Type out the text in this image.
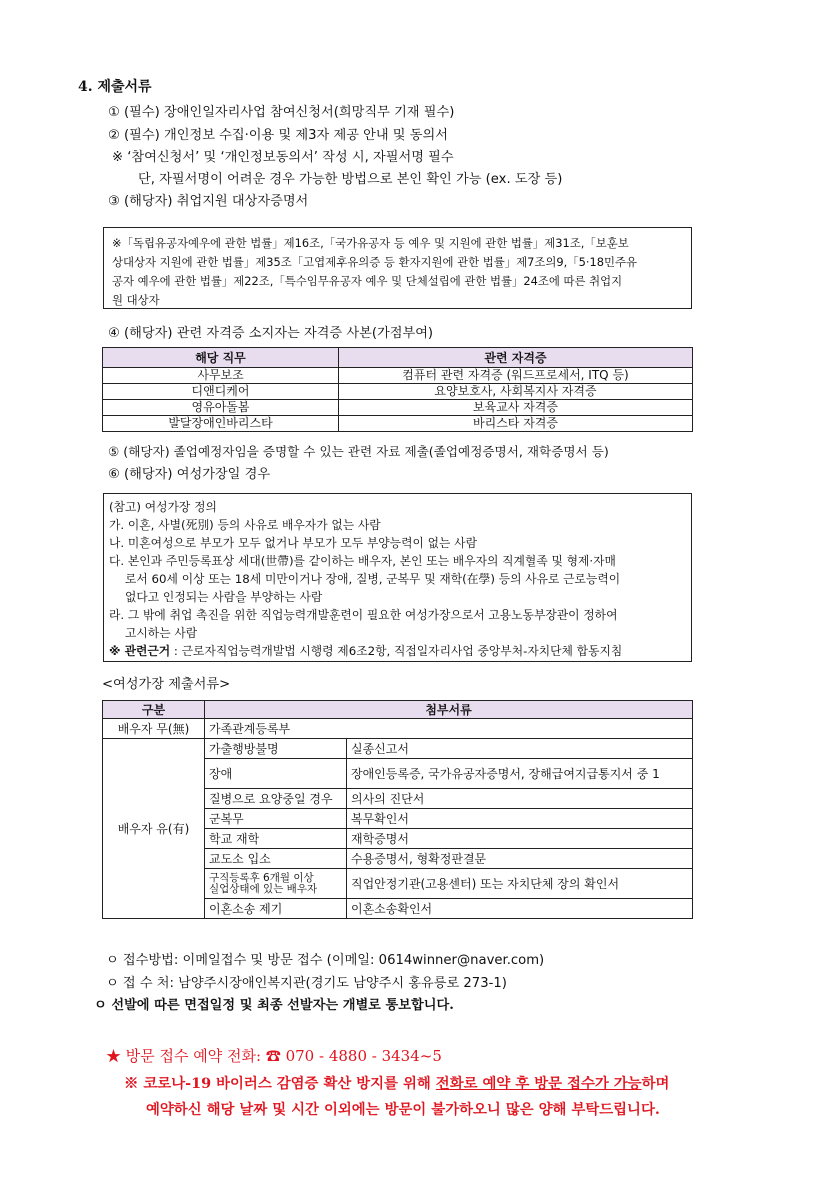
4. 제출서류
① (필수) 장애인일자리사업 참여신청서(희망직무 기재 필수)
② (필수) 개인정보 수집·이용 및 제3자 제공 안내 및 동의서
※ ‘참여신청서’ 및 ‘개인정보동의서’ 작성 시, 자필서명 필수
단, 자필서명이 어려운 경우 가능한 방법으로 본인 확인 가능 (ex. 도장 등)
③ (해당자) 취업지원 대상자증명서

※「독립유공자예우에 관한 법률」제16조,「국가유공자 등 예우 및 지원에 관한 법률」제31조,「보훈보

상대상자 지원에 관한 법률」제35조「고엽제후유의증 등 환자지원에 관한 법률」제7조의9,「5·18민주유

공자 예우에 관한 법률」제22조,「특수임무유공자 예우 및 단체설립에 관한 법률」24조에 따른 취업지

원 대상자

④ (해당자) 관련 자격증 소지자는 자격증 사본(가점부여)
해당 직무	관련 자격증
사무보조	컴퓨터 관련 자격증 (워드프로세서, ITQ 등)
디앤디케어	요양보호사, 사회복지사 자격증
영유아돌봄	보육교사 자격증
발달장애인바리스타	바리스타 자격증
⑤ (해당자) 졸업예정자임을 증명할 수 있는 관련 자료 제출(졸업예정증명서, 재학증명서 등)
⑥ (해당자) 여성가장일 경우

(참고) 여성가장 정의

가. 이혼, 사별(死別) 등의 사유로 배우자가 없는 사람

나. 미혼여성으로 부모가 모두 없거나 부모가 모두 부양능력이 없는 사람

다. 본인과 주민등록표상 세대(世帶)를 같이하는 배우자, 본인 또는 배우자의 직계혈족 및 형제·자매

로서 60세 이상 또는 18세 미만이거나 장애, 질병, 군복무 및 재학(在學) 등의 사유로 근로능력이

없다고 인정되는 사람을 부양하는 사람

라. 그 밖에 취업 촉진을 위한 직업능력개발훈련이 필요한 여성가장으로서 고용노동부장관이 정하여

고시하는 사람

※ 관련근거 : 근로자직업능력개발법 시행령 제6조2항, 직접일자리사업 중앙부처-자치단체 합동지침

<여성가장 제출서류>
구분	첨부서류	
배우자 무(無)	가족관계등록부	
배우자 유(有)	가출행방불명	실종신고서
	장애	장애인등록증, 국가유공자증명서, 장해급여지급통지서 중 1
	질병으로 요양중일 경우	의사의 진단서
	군복무	복무확인서
	학교 재학	재학증명서
	교도소 입소	수용증명서, 형확정판결문

	구직등록후 6개월 이상
실업상태에 있는 배우자	직업안정기관(고용센터) 또는 자치단체 장의 확인서
	이혼소송 제기	이혼소송확인서
ㅇ 접수방법: 이메일접수 및 방문 접수 (이메일: 0614winner@naver.com)
ㅇ 접 수 처: 남양주시장애인복지관(경기도 남양주시 홍유릉로 273-1)
ㅇ 선발에 따른 면접일정 및 최종 선발자는 개별로 통보합니다.
★ 방문 접수 예약 전화: ☎ 070 - 4880 - 3434~5
※ 코로나-19 바이러스 감염증 확산 방지를 위해 전화로 예약 후 방문 접수가 가능하며
예약하신 해당 날짜 및 시간 이외에는 방문이 불가하오니 많은 양해 부탁드립니다.
